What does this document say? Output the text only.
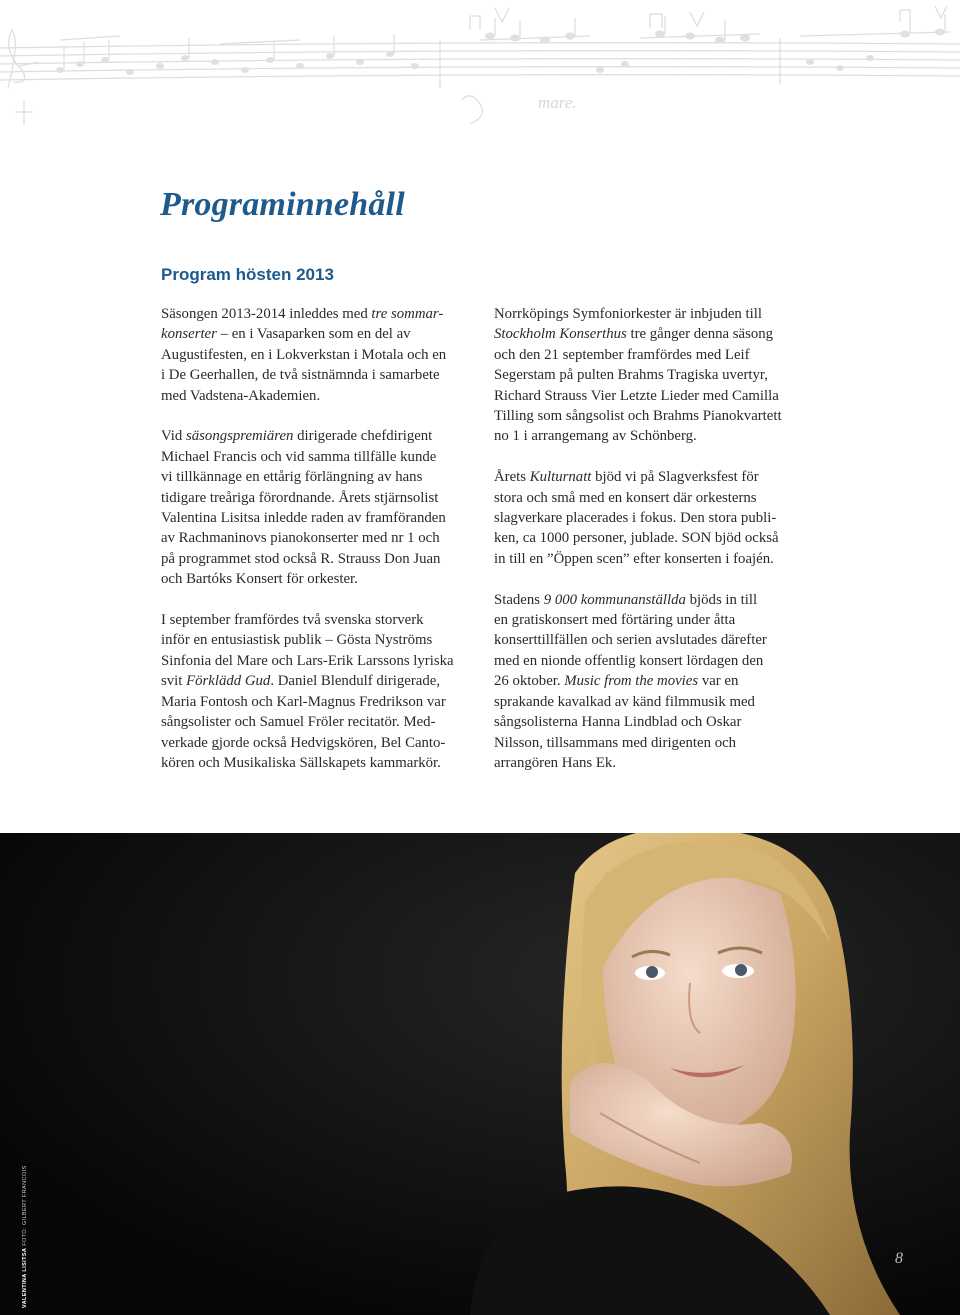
mare.
Programinnehåll
Program hösten 2013

Säsongen 2013-2014 inleddes med tre sommar-
konserter – en i Vasaparken som en del av
Augustifesten, en i Lokverkstan i Motala och en
i De Geerhallen, de två sistnämnda i samarbete
med Vadstena-Akademien.

Vid säsongspremiären dirigerade chefdirigent
Michael Francis och vid samma tillfälle kunde
vi tillkännage en ettårig förlängning av hans
tidigare treåriga förordnande. Årets stjärnsolist
Valentina Lisitsa inledde raden av framföranden
av Rachmaninovs pianokonserter med nr 1 och
på programmet stod också R. Strauss Don Juan
och Bartóks Konsert för orkester.

I september framfördes två svenska storverk
inför en entusiastisk publik – Gösta Nyströms
Sinfonia del Mare och Lars-Erik Larssons lyriska
svit Förklädd Gud. Daniel Blendulf dirigerade,
Maria Fontosh och Karl-Magnus Fredrikson var
sångsolister och Samuel Fröler recitatör. Med-
verkade gjorde också Hedvigskören, Bel Canto-
kören och Musikaliska Sällskapets kammarkör.

Norrköpings Symfoniorkester är inbjuden till
Stockholm Konserthus tre gånger denna säsong
och den 21 september framfördes med Leif
Segerstam på pulten Brahms Tragiska uvertyr,
Richard Strauss Vier Letzte Lieder med Camilla
Tilling som sångsolist och Brahms Pianokvartett
no 1 i arrangemang av Schönberg.

Årets Kulturnatt bjöd vi på Slagverksfest för
stora och små med en konsert där orkesterns
slagverkare placerades i fokus. Den stora publi-
ken, ca 1000 personer, jublade. SON bjöd också
in till en ”Öppen scen” efter konserten i foajén.

Stadens 9 000 kommunanställda bjöds in till
en gratiskonsert med förtäring under åtta
konserttillfällen och serien avslutades därefter
med en nionde offentlig konsert lördagen den
26 oktober. Music from the movies var en
sprakande kavalkad av känd filmmusik med
sångsolisterna Hanna Lindblad och Oskar
Nilsson, tillsammans med dirigenten och
arrangören Hans Ek.

VALENTINA LISITSA FOTO: GILBERT FRANCOIS
8
